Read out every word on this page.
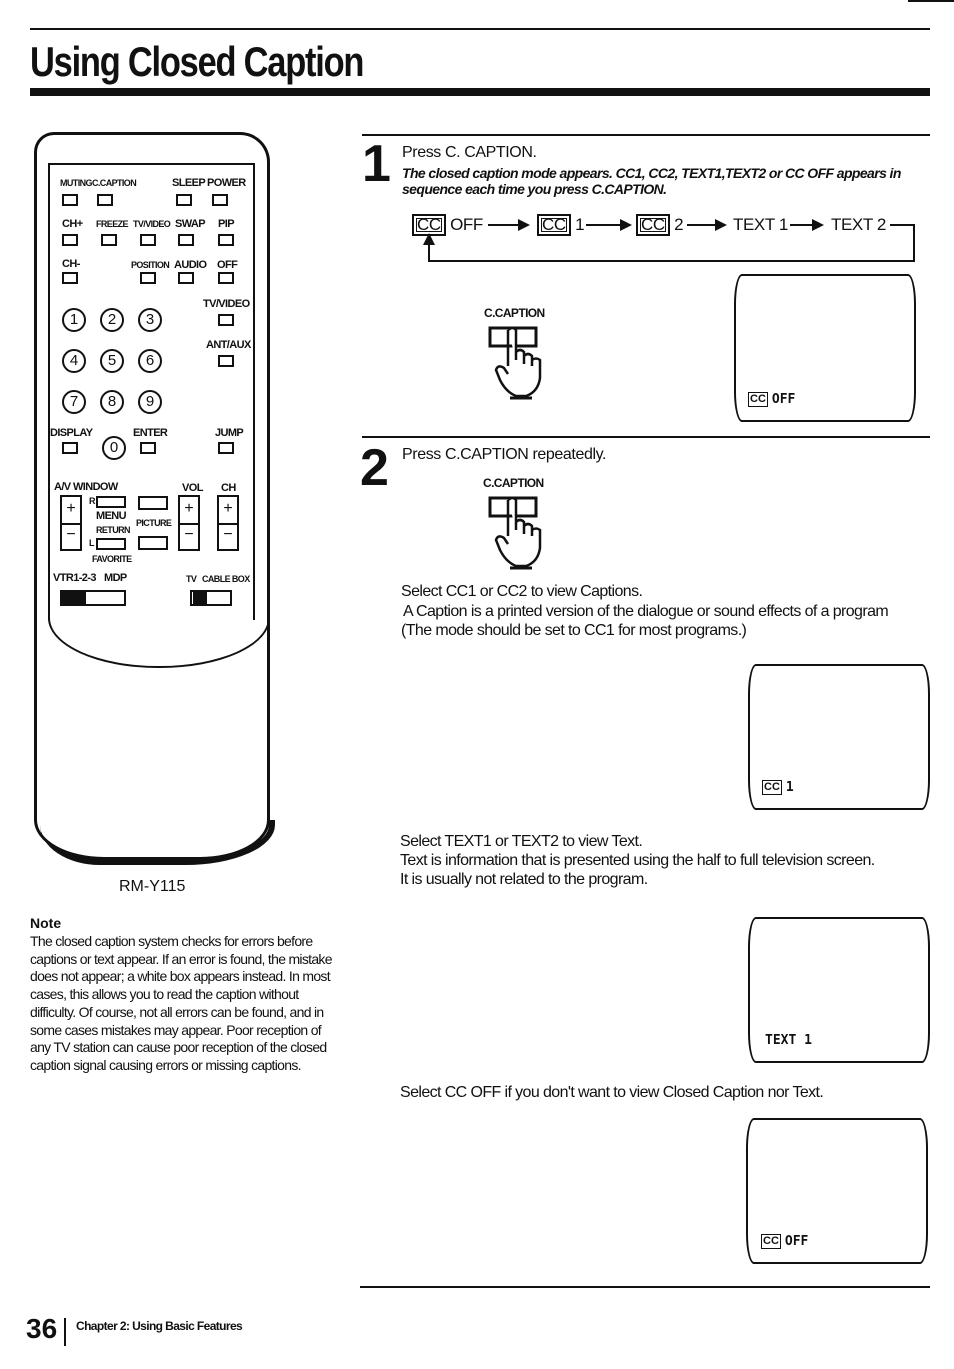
Using Closed Caption
MUTING C.CAPTION	SLEEP POWER
CH+ FREEZE TV/VIDEO SWAP PIP
CH-	POSITION AUDIO OFF
1	2	3
TV/VIDEO
4	5	6
ANT/AUX
7	8	9
DISPLAY	ENTER	JUMP
0
A/V WINDOW	VOL CH
+
−
R
MENU
RETURN
L
FAVORITE
PICTURE
+
−
+
−
VTR1-2-3 MDP	TV CABLE BOX
RM-Y115
Note
The closed caption system checks for errors before captions or text appear. If an error is found, the mistake does not appear; a white box appears instead. In most cases, this allows you to read the caption without difficulty. Of course, not all errors can be found, and in some cases mistakes may appear. Poor reception of any TV station can cause poor reception of the closed caption signal causing errors or missing captions.
1 Press C. CAPTION.
The closed caption mode appears. CC1, CC2, TEXT1,TEXT2 or CC OFF appears in sequence each time you press C.CAPTION.
CC OFF	CC 1	CC 2	TEXT 1	TEXT 2
C.CAPTION
CC OFF
2 Press C.CAPTION repeatedly.
C.CAPTION
Select CC1 or CC2 to view Captions.
A Caption is a printed version of the dialogue or sound effects of a program
(The mode should be set to CC1 for most programs.)
CC 1
Select TEXT1 or TEXT2 to view Text.
Text is information that is presented using the half to full television screen.
It is usually not related to the program.
TEXT 1
Select CC OFF if you don't want to view Closed Caption nor Text.
CC OFF
36 Chapter 2: Using Basic Features
